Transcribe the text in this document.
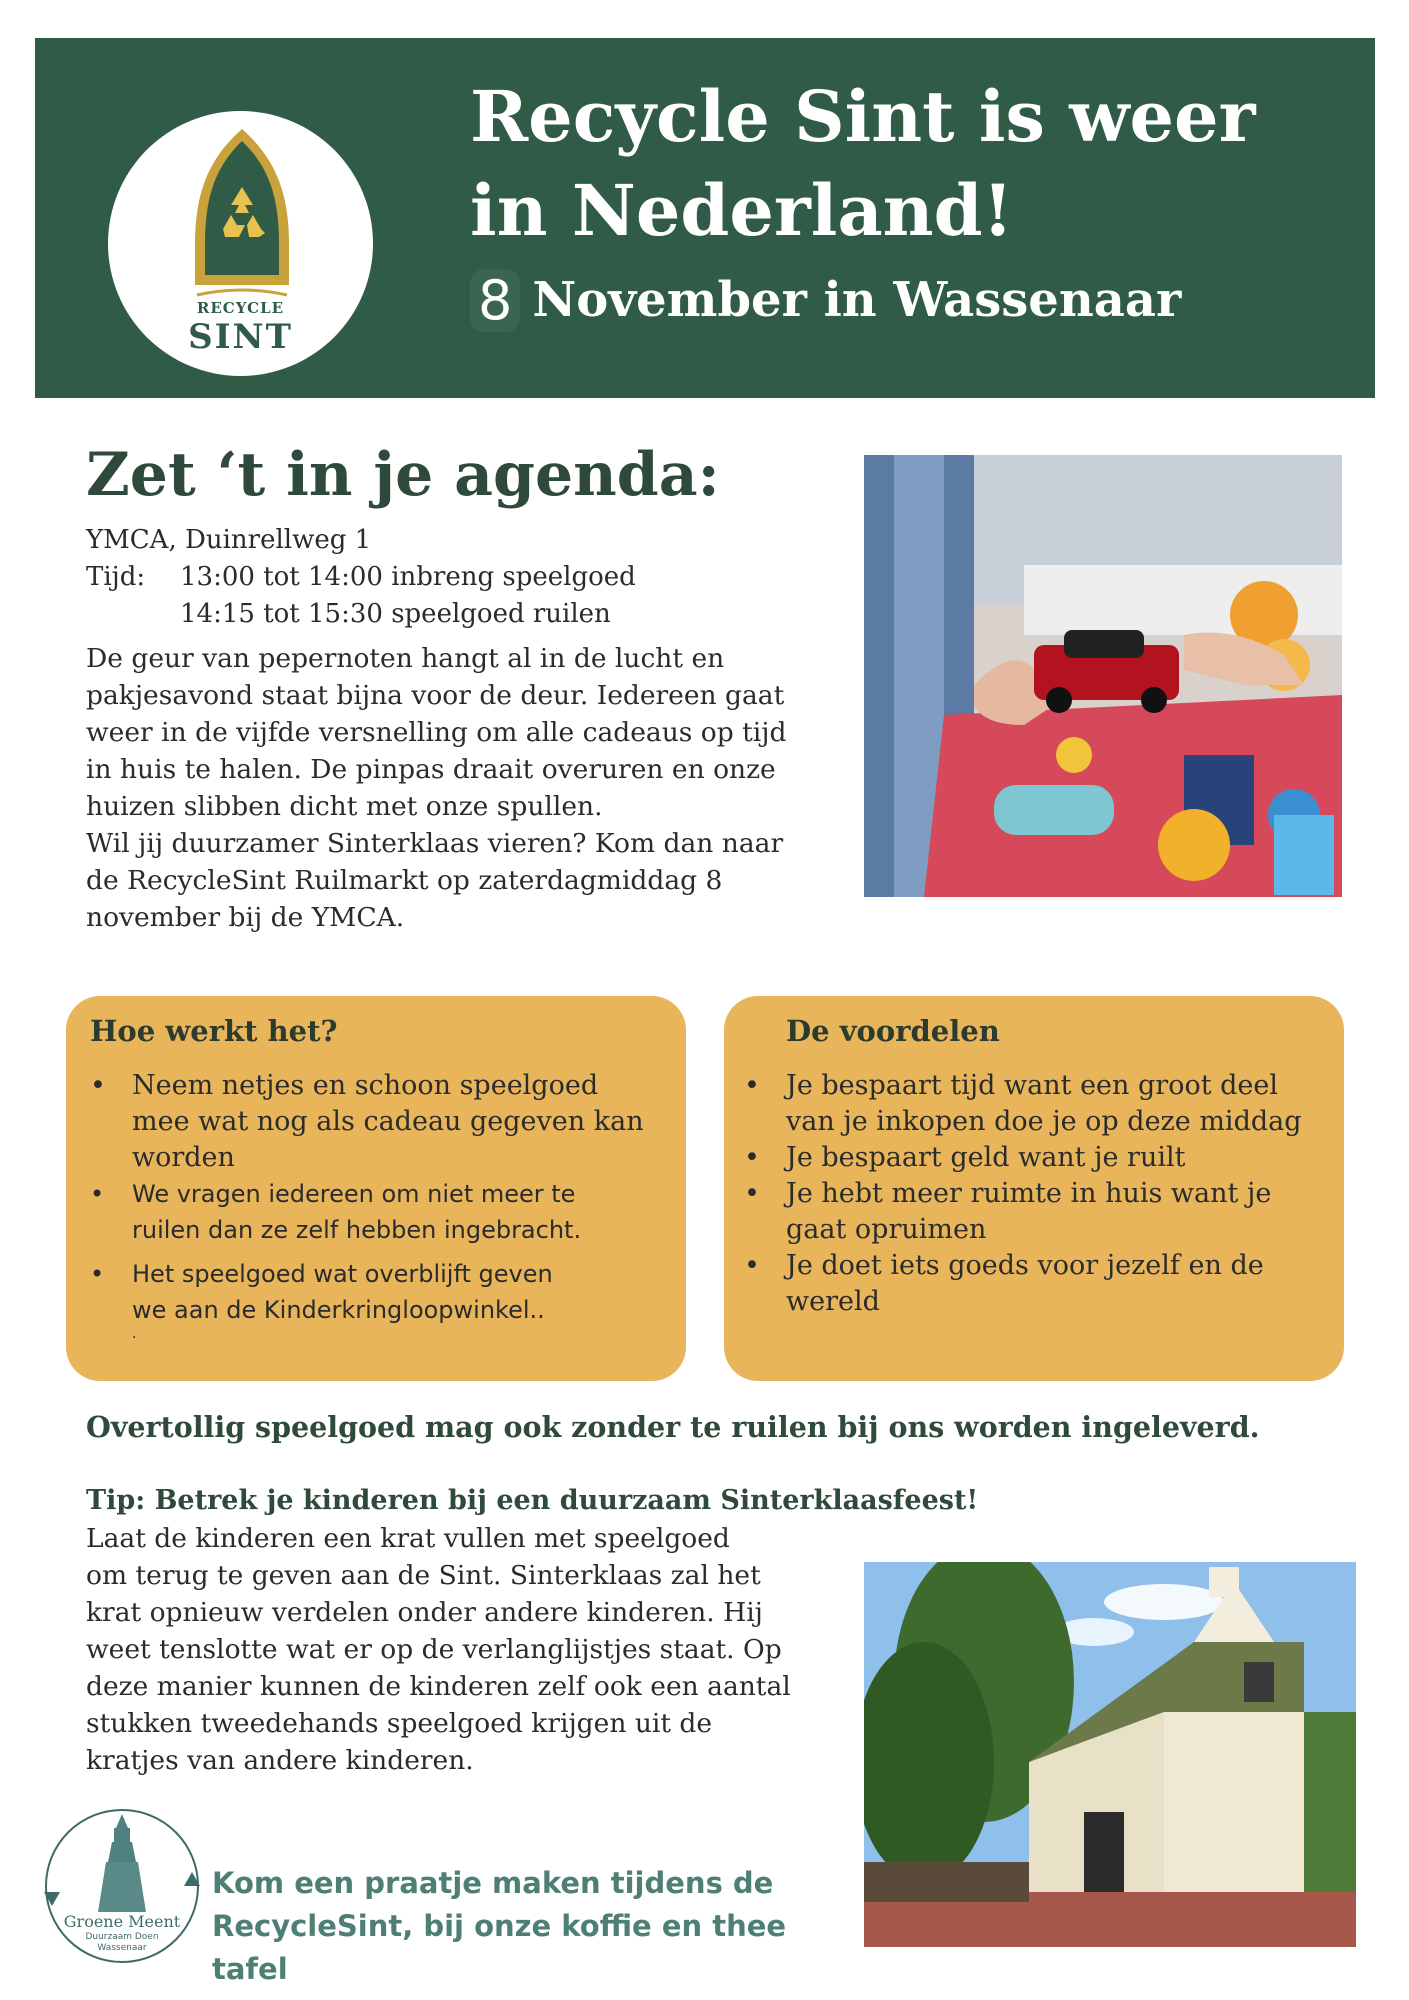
RECYCLE
SINT
Recycle Sint is weer
in Nederland!
8 November in Wassenaar
Zet ‘t in je agenda:
YMCA, Duinrellweg 1
Tijd:	13:00 tot 14:00 inbreng speelgoed
14:15 tot 15:30 speelgoed ruilen
De geur van pepernoten hangt al in de lucht en
pakjesavond staat bijna voor de deur. Iedereen gaat
weer in de vijfde versnelling om alle cadeaus op tijd
in huis te halen. De pinpas draait overuren en onze
huizen slibben dicht met onze spullen.
Wil jij duurzamer Sinterklaas vieren? Kom dan naar
de RecycleSint Ruilmarkt op zaterdagmiddag 8
november bij de YMCA.
Hoe werkt het?
• Neem netjes en schoon speelgoed
mee wat nog als cadeau gegeven kan
worden
• We vragen iedereen om niet meer te
ruilen dan ze zelf hebben ingebracht.
• Het speelgoed wat overblijft geven
we aan de Kinderkringloopwinkel..
.
De voordelen
• Je bespaart tijd want een groot deel
van je inkopen doe je op deze middag
• Je bespaart geld want je ruilt
• Je hebt meer ruimte in huis want je
gaat opruimen
• Je doet iets goeds voor jezelf en de
wereld
Overtollig speelgoed mag ook zonder te ruilen bij ons worden ingeleverd.
Tip: Betrek je kinderen bij een duurzaam Sinterklaasfeest!
Laat de kinderen een krat vullen met speelgoed
om terug te geven aan de Sint. Sinterklaas zal het
krat opnieuw verdelen onder andere kinderen. Hij
weet tenslotte wat er op de verlanglijstjes staat. Op
deze manier kunnen de kinderen zelf ook een aantal
stukken tweedehands speelgoed krijgen uit de
kratjes van andere kinderen.
Groene Meent
Duurzaam Doen
Wassenaar
Kom een praatje maken tijdens de
RecycleSint, bij onze koffie en thee tafel
